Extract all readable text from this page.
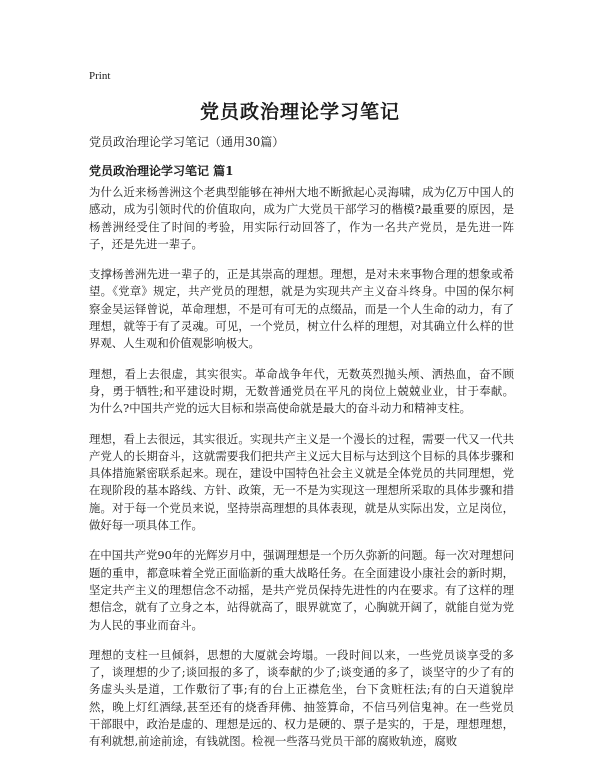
Print
党员政治理论学习笔记

党员政治理论学习笔记（通用30篇）

党员政治理论学习笔记 篇1

为什么近来杨善洲这个老典型能够在神州大地不断掀起心灵海啸，成为亿万中国人的感动，成为引领时代的价值取向，成为广大党员干部学习的楷模?最重要的原因，是杨善洲经受住了时间的考验，用实际行动回答了，作为一名共产党员，是先进一阵子，还是先进一辈子。

支撑杨善洲先进一辈子的，正是其崇高的理想。理想，是对未来事物合理的想象或希望。《党章》规定，共产党员的理想，就是为实现共产主义奋斗终身。中国的保尔柯察金吴运铎曾说，革命理想，不是可有可无的点缀品，而是一个人生命的动力，有了理想，就等于有了灵魂。可见，一个党员，树立什么样的理想，对其确立什么样的世界观、人生观和价值观影响极大。

理想，看上去很虚，其实很实。革命战争年代，无数英烈抛头颅、洒热血，奋不顾身，勇于牺牲;和平建设时期，无数普通党员在平凡的岗位上兢兢业业，甘于奉献。为什么?中国共产党的远大目标和崇高使命就是最大的奋斗动力和精神支柱。

理想，看上去很远，其实很近。实现共产主义是一个漫长的过程，需要一代又一代共产党人的长期奋斗，这就需要我们把共产主义远大目标与达到这个目标的具体步骤和具体措施紧密联系起来。现在，建设中国特色社会主义就是全体党员的共同理想，党在现阶段的基本路线、方针、政策，无一不是为实现这一理想所采取的具体步骤和措施。对于每一个党员来说，坚持崇高理想的具体表现，就是从实际出发，立足岗位，做好每一项具体工作。

在中国共产党90年的光辉岁月中，强调理想是一个历久弥新的问题。每一次对理想问题的重申，都意味着全党正面临新的重大战略任务。在全面建设小康社会的新时期，坚定共产主义的理想信念不动摇，是共产党员保持先进性的内在要求。有了这样的理想信念，就有了立身之本，站得就高了，眼界就宽了，心胸就开阔了，就能自觉为党为人民的事业而奋斗。

理想的支柱一旦倾斜，思想的大厦就会垮塌。一段时间以来，一些党员谈享受的多了，谈理想的少了;谈回报的多了，谈奉献的少了;谈变通的多了，谈坚守的少了有的务虚头头是道，工作敷衍了事;有的台上正襟危坐，台下贪赃枉法;有的白天道貌岸然，晚上灯红酒绿,甚至还有的烧香拜佛、抽签算命，不信马列信鬼神。在一些党员干部眼中，政治是虚的、理想是远的、权力是硬的、票子是实的，于是，理想理想，有利就想,前途前途，有钱就图。检视一些落马党员干部的腐败轨迹，腐败
